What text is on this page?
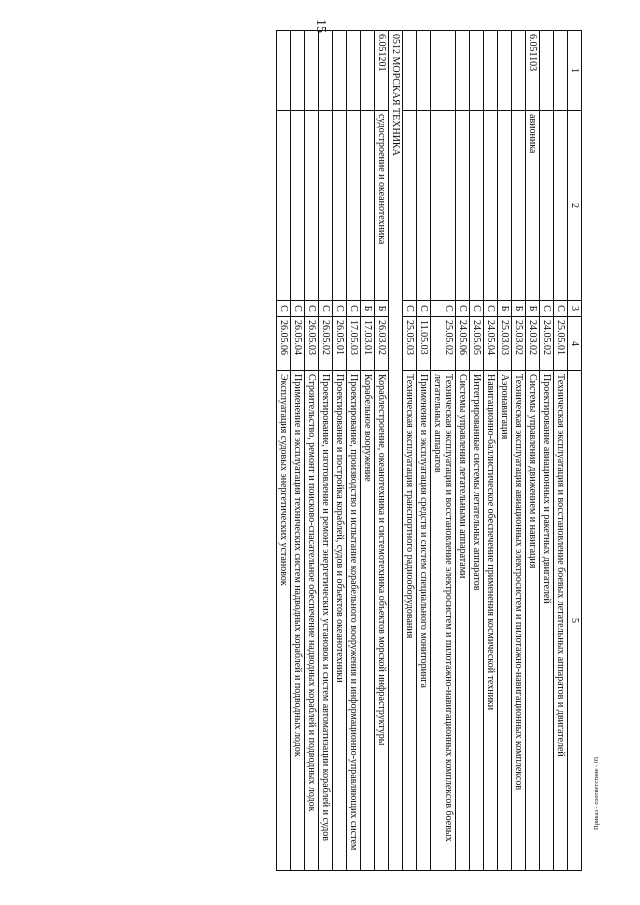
15
1	2	3	4	5
		С	25.05.01	Техническая эксплуатация и восстановление боевых летательных аппаратов и двигателей
		С	24.05.02	Проектирование авиационных и ракетных двигателей
6.051103	авионика	Б	24.03.02	Системы управления движением и навигация
		Б	25.03.02	Техническая эксплуатация авиационных электросистем и пилотажно-навигационных комплексов
		Б	25.03.03	Аэронавигация
		С	24.05.04	Навигационно-баллистическое обеспечение применения космической техники
		С	24.05.05	Интегрированные системы летательных аппаратов
		С	24.05.06	Системы управления летательными аппаратами
		С	25.05.02	Техническая эксплуатация и восстановление электросистем и пилотажно-навигационных комплексов боевых летательных аппаратов
		С	11.05.03	Применение и эксплуатация средств и систем специального мониторинга
		С	25.05.03	Техническая эксплуатация транспортного радиооборудования
0512 МОРСКАЯ ТЕХНИКА				
6.051201	судостроение и океанотехника	Б	26.03.02	Кораблестроение, океанотехника и системотехника объектов морской инфраструктуры
		Б	17.03.01	Корабельное вооружение
		С	17.05.03	Проектирование, производство и испытание корабельного вооружения и информационно-управляющих систем
		С	26.05.01	Проектирование и постройка кораблей, судов и объектов океанотехники
		С	26.05.02	Проектирование, изготовление и ремонт энергетических установок и систем автоматизации кораблей и судов
		С	26.05.03	Строительство, ремонт и поисково-спасательное обеспечение надводных кораблей и подводных лодок
		С	26.05.04	Применение и эксплуатация технических систем надводных кораблей и подводных лодок
		С	26.05.06	Эксплуатация судовых энергетических установок
Приказ - соответствие - 05
